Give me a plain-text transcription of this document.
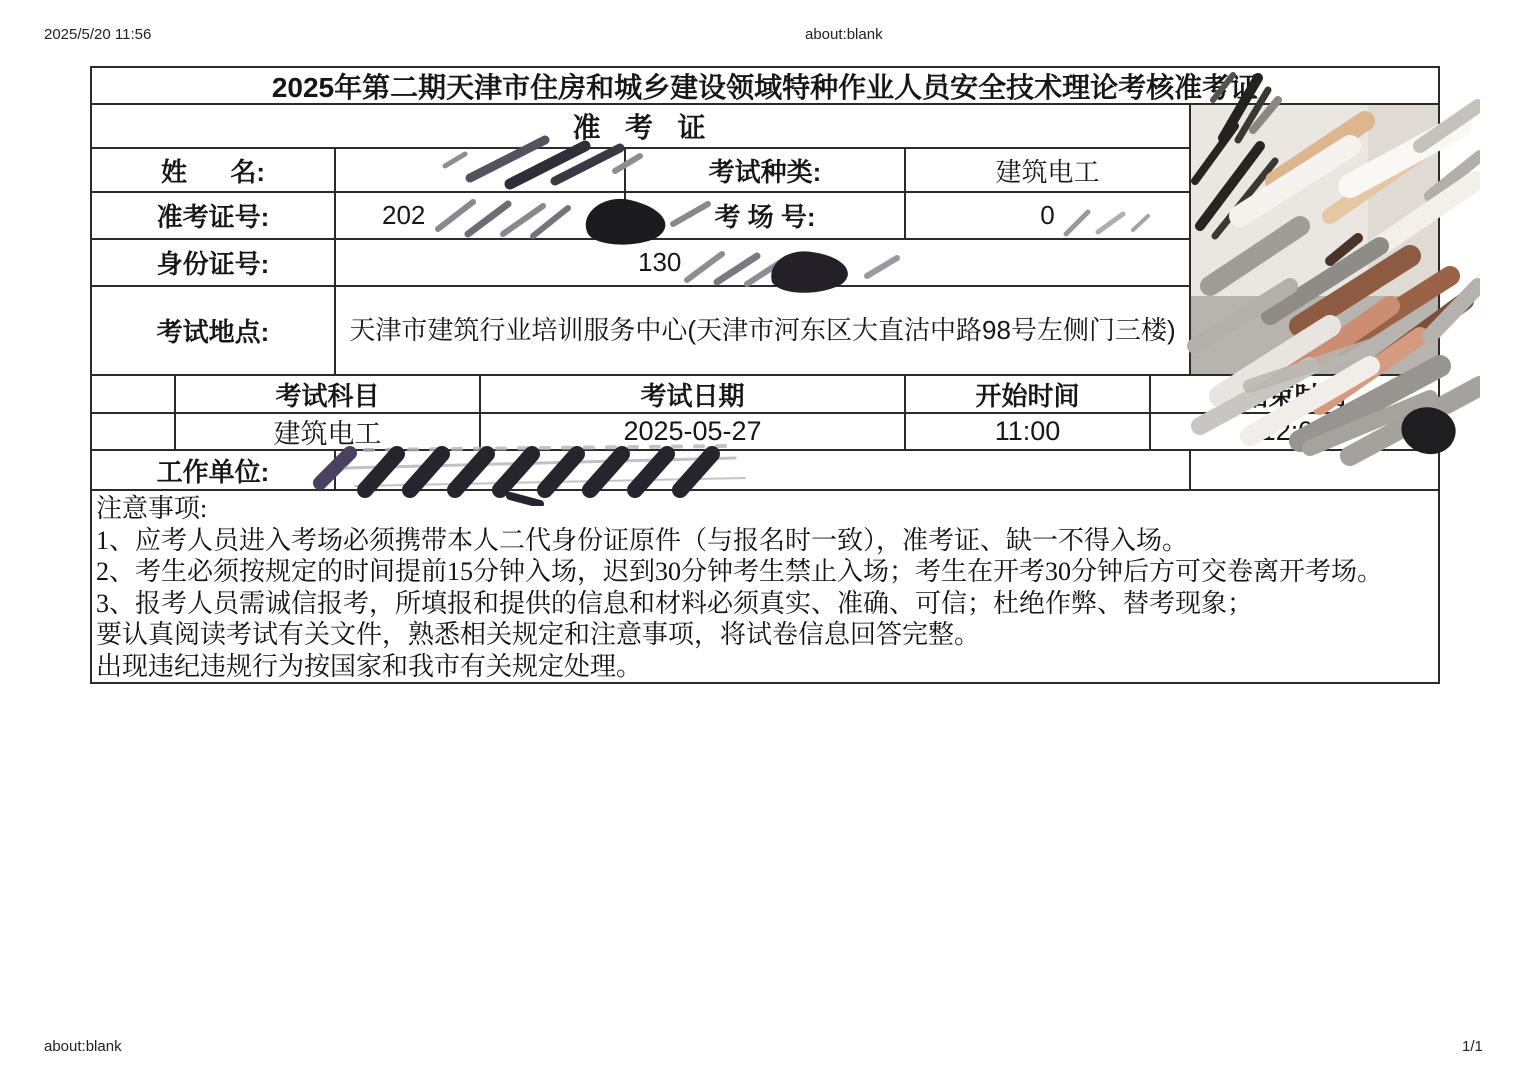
2025/5/20 11:56	about:blank
about:blank	1/1
2025年第二期天津市住房和城乡建设领域特种作业人员安全技术理论考核准考证
准  考  证
姓      名:	考试种类:	建筑电工
准考证号:	202	考 场 号:	0
身份证号:	130
考试地点:	天津市建筑行业培训服务中心(天津市河东区大直沽中路98号左侧门三楼)
考试科目	考试日期	开始时间	结束时间
建筑电工	2025-05-27	11:00	12:00
工作单位:
注意事项:
1、应考人员进入考场必须携带本人二代身份证原件（与报名时一致），准考证、缺一不得入场。
2、考生必须按规定的时间提前15分钟入场，迟到30分钟考生禁止入场；考生在开考30分钟后方可交卷离开考场。
3、报考人员需诚信报考，所填报和提供的信息和材料必须真实、准确、可信；杜绝作弊、替考现象；
要认真阅读考试有关文件，熟悉相关规定和注意事项，将试卷信息回答完整。
出现违纪违规行为按国家和我市有关规定处理。
